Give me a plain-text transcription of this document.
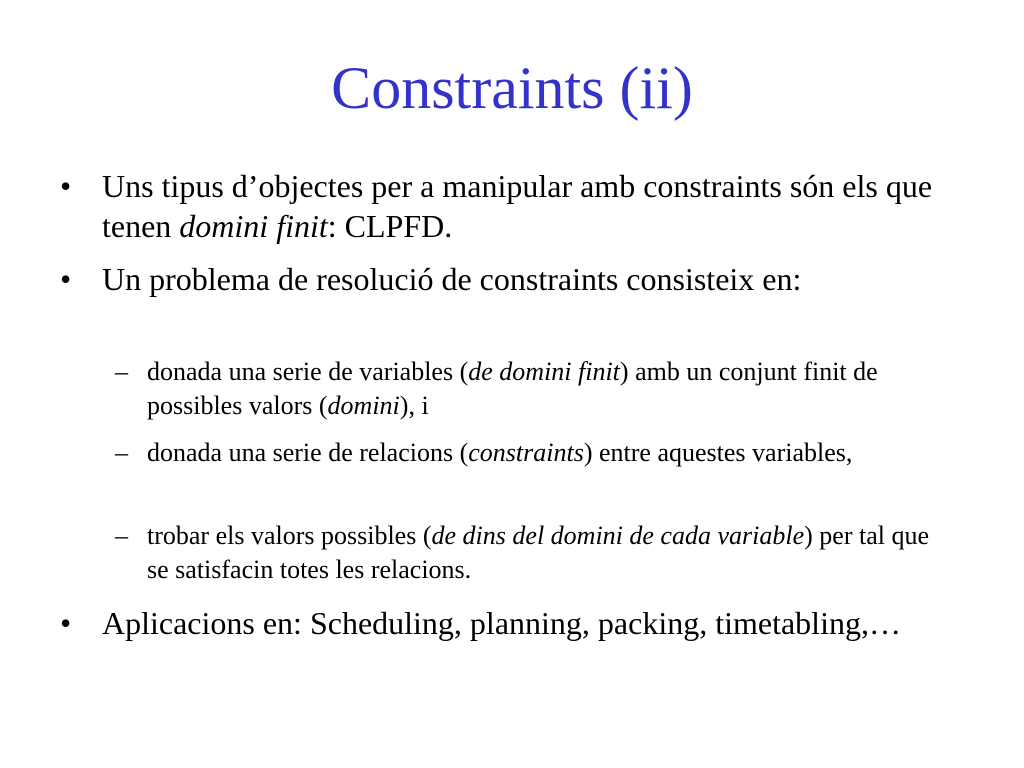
Constraints (ii)
• Uns tipus d’objectes per a manipular amb constraints són els que tenen domini finit: CLPFD.
• Un problema de resolució de constraints consisteix en:
– donada una serie de variables (de domini finit) amb un conjunt finit de possibles valors (domini), i
– donada una serie de relacions (constraints) entre aquestes variables,
– trobar els valors possibles (de dins del domini de cada variable) per tal que se satisfacin totes les relacions.
• Aplicacions en: Scheduling, planning, packing, timetabling,…
